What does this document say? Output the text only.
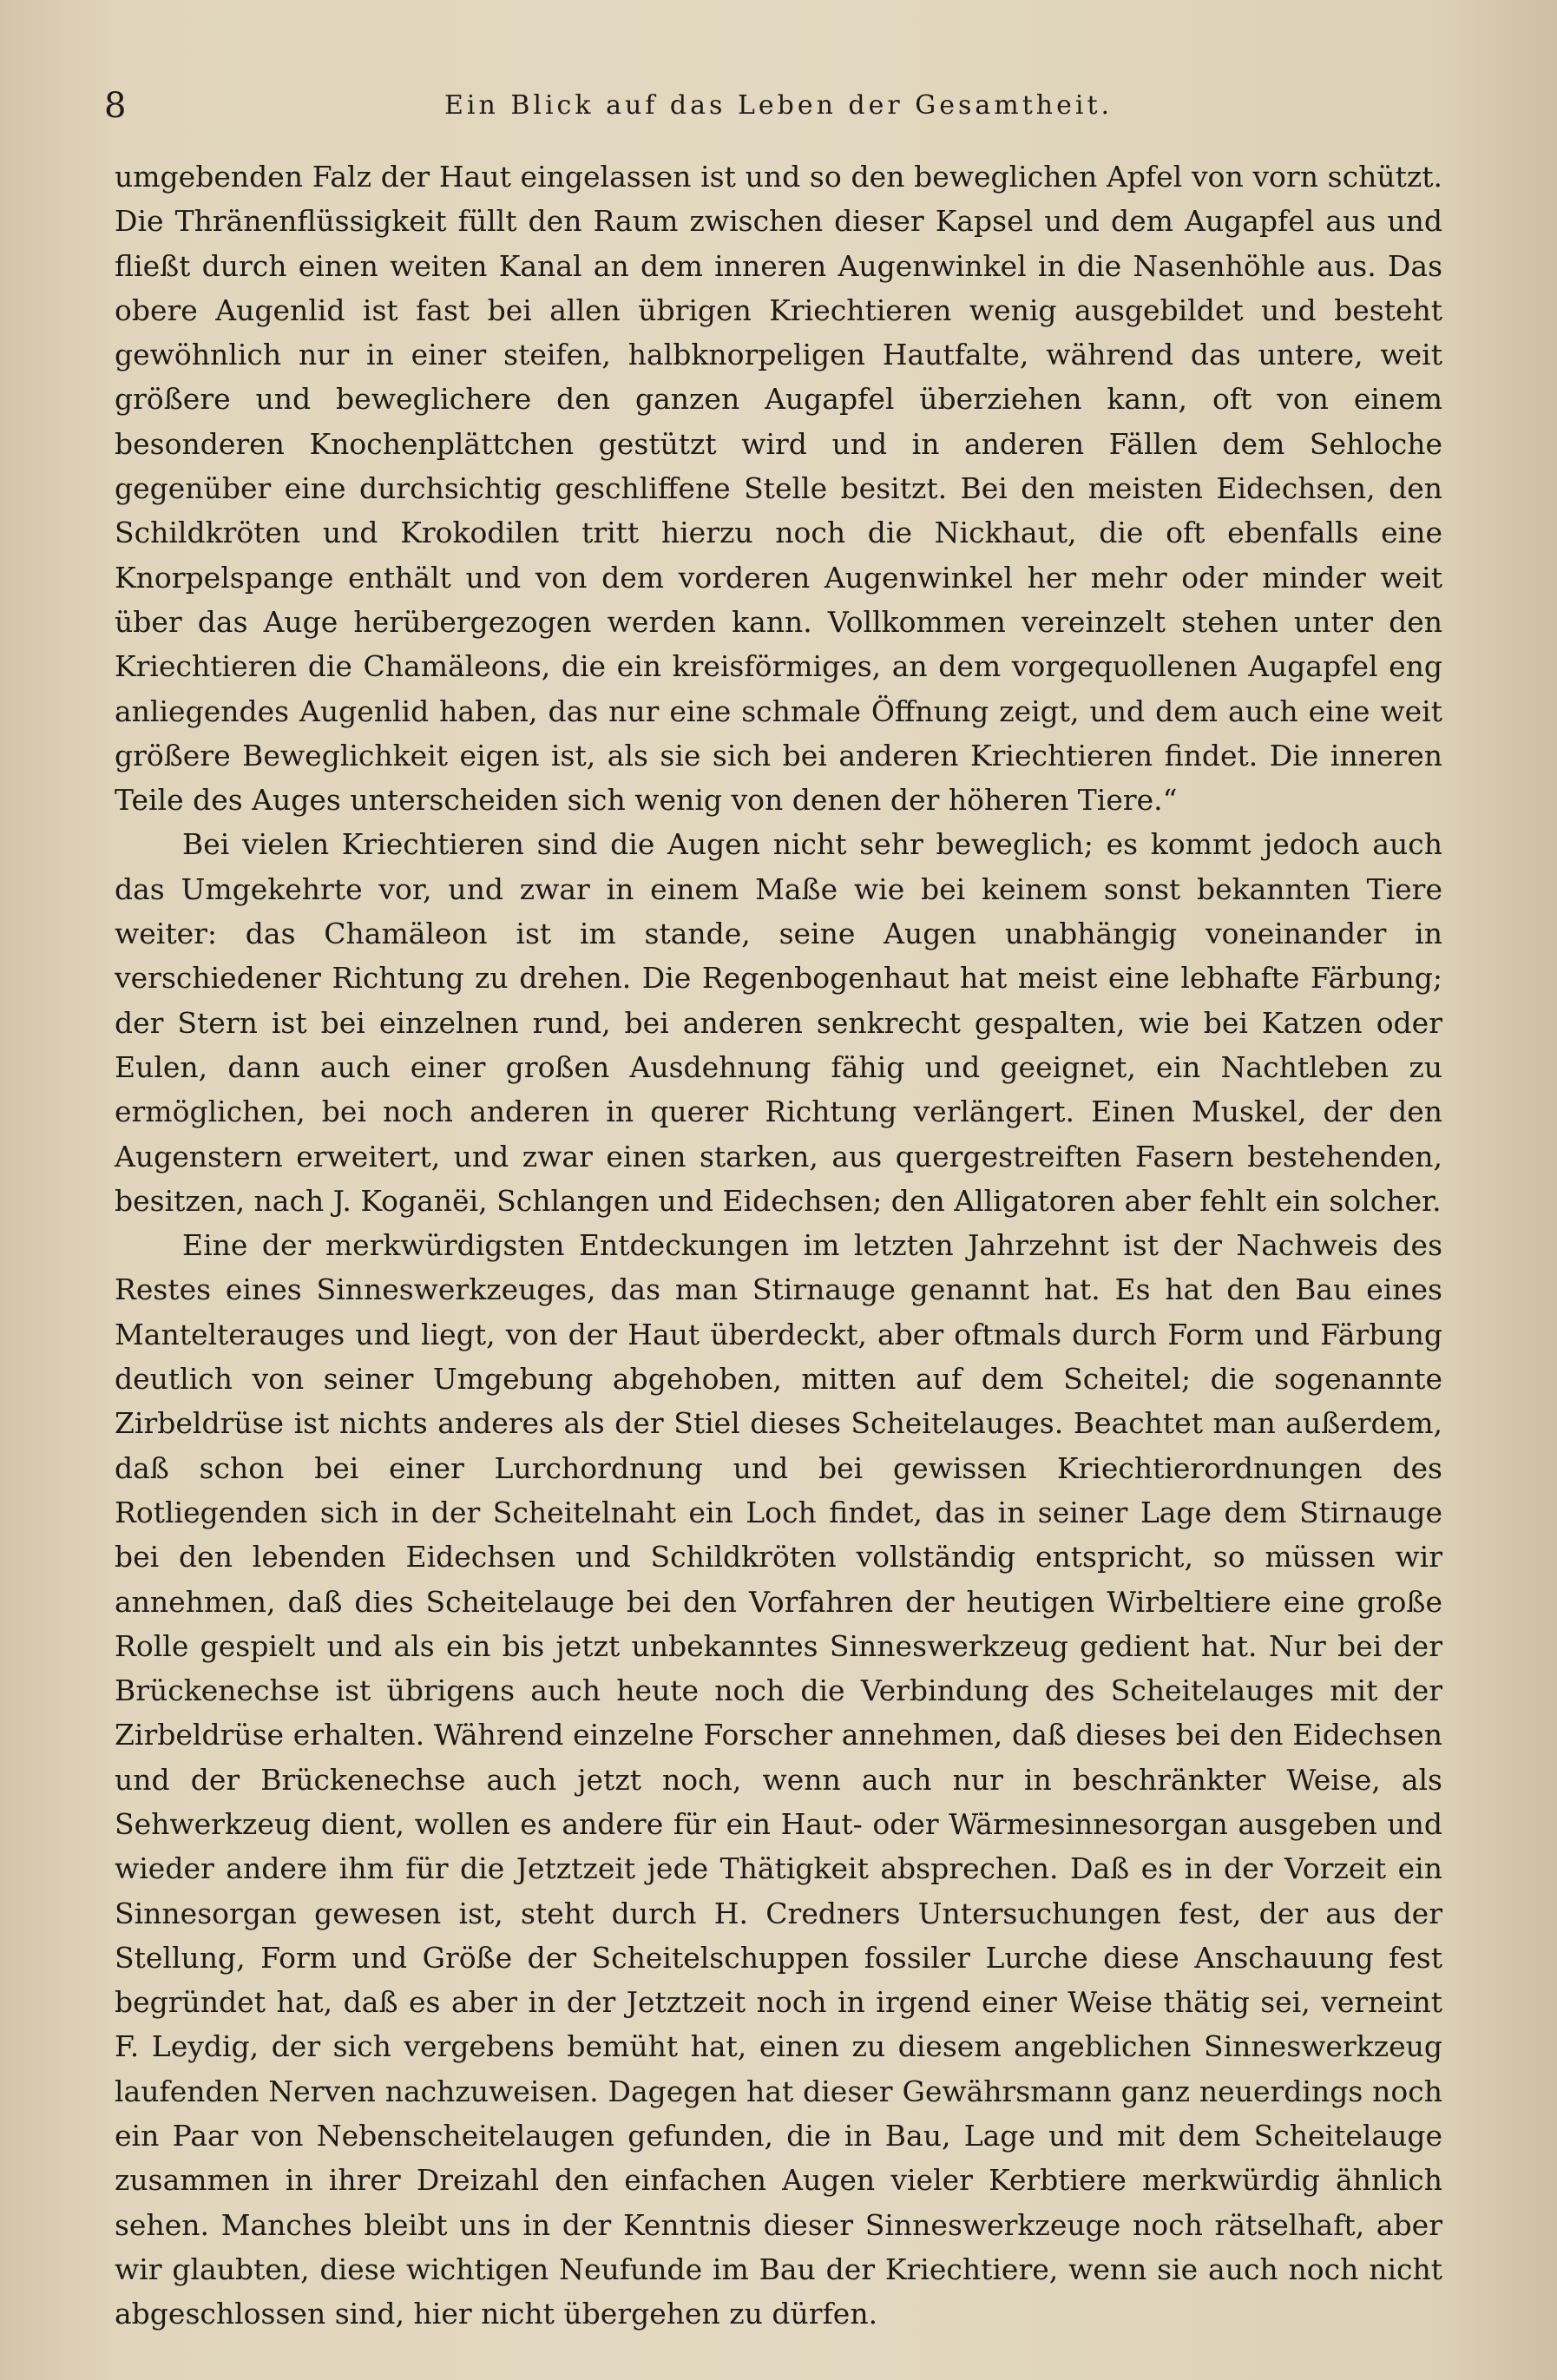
8	Ein Blick auf das Leben der Gesamtheit.

umgebenden Falz der Haut eingelassen ist und so den beweglichen Apfel von vorn schützt. Die Thränenflüssigkeit füllt den Raum zwischen dieser Kapsel und dem Augapfel aus und fließt durch einen weiten Kanal an dem inneren Augenwinkel in die Nasenhöhle aus. Das obere Augenlid ist fast bei allen übrigen Kriechtieren wenig ausgebildet und besteht gewöhnlich nur in einer steifen, halbknorpeligen Hautfalte, während das untere, weit größere und beweglichere den ganzen Augapfel überziehen kann, oft von einem besonderen Knochenplättchen gestützt wird und in anderen Fällen dem Sehloche gegenüber eine durchsichtig geschliffene Stelle besitzt. Bei den meisten Eidechsen, den Schildkröten und Krokodilen tritt hierzu noch die Nickhaut, die oft ebenfalls eine Knorpelspange enthält und von dem vorderen Augenwinkel her mehr oder minder weit über das Auge herübergezogen werden kann. Vollkommen vereinzelt stehen unter den Kriechtieren die Chamäleons, die ein kreisförmiges, an dem vorgequollenen Augapfel eng anliegendes Augenlid haben, das nur eine schmale Öffnung zeigt, und dem auch eine weit größere Beweglichkeit eigen ist, als sie sich bei anderen Kriechtieren findet. Die inneren Teile des Auges unterscheiden sich wenig von denen der höheren Tiere.“

Bei vielen Kriechtieren sind die Augen nicht sehr beweglich; es kommt jedoch auch das Umgekehrte vor, und zwar in einem Maße wie bei keinem sonst bekannten Tiere weiter: das Chamäleon ist im stande, seine Augen unabhängig voneinander in verschiedener Richtung zu drehen. Die Regenbogenhaut hat meist eine lebhafte Färbung; der Stern ist bei einzelnen rund, bei anderen senkrecht gespalten, wie bei Katzen oder Eulen, dann auch einer großen Ausdehnung fähig und geeignet, ein Nachtleben zu ermöglichen, bei noch anderen in querer Richtung verlängert. Einen Muskel, der den Augenstern erweitert, und zwar einen starken, aus quergestreiften Fasern bestehenden, besitzen, nach J. Koganëi, Schlangen und Eidechsen; den Alligatoren aber fehlt ein solcher.

Eine der merkwürdigsten Entdeckungen im letzten Jahrzehnt ist der Nachweis des Restes eines Sinneswerkzeuges, das man Stirnauge genannt hat. Es hat den Bau eines Mantelterauges und liegt, von der Haut überdeckt, aber oftmals durch Form und Färbung deutlich von seiner Umgebung abgehoben, mitten auf dem Scheitel; die sogenannte Zirbeldrüse ist nichts anderes als der Stiel dieses Scheitelauges. Beachtet man außerdem, daß schon bei einer Lurchordnung und bei gewissen Kriechtierordnungen des Rotliegenden sich in der Scheitelnaht ein Loch findet, das in seiner Lage dem Stirnauge bei den lebenden Eidechsen und Schildkröten vollständig entspricht, so müssen wir annehmen, daß dies Scheitelauge bei den Vorfahren der heutigen Wirbeltiere eine große Rolle gespielt und als ein bis jetzt unbekanntes Sinneswerkzeug gedient hat. Nur bei der Brückenechse ist übrigens auch heute noch die Verbindung des Scheitelauges mit der Zirbeldrüse erhalten. Während einzelne Forscher annehmen, daß dieses bei den Eidechsen und der Brückenechse auch jetzt noch, wenn auch nur in beschränkter Weise, als Sehwerkzeug dient, wollen es andere für ein Haut- oder Wärmesinnesorgan ausgeben und wieder andere ihm für die Jetztzeit jede Thätigkeit absprechen. Daß es in der Vorzeit ein Sinnesorgan gewesen ist, steht durch H. Credners Untersuchungen fest, der aus der Stellung, Form und Größe der Scheitelschuppen fossiler Lurche diese Anschauung fest begründet hat, daß es aber in der Jetztzeit noch in irgend einer Weise thätig sei, verneint F. Leydig, der sich vergebens bemüht hat, einen zu diesem angeblichen Sinneswerkzeug laufenden Nerven nachzuweisen. Dagegen hat dieser Gewährsmann ganz neuerdings noch ein Paar von Nebenscheitelaugen gefunden, die in Bau, Lage und mit dem Scheitelauge zusammen in ihrer Dreizahl den einfachen Augen vieler Kerbtiere merkwürdig ähnlich sehen. Manches bleibt uns in der Kenntnis dieser Sinneswerkzeuge noch rätselhaft, aber wir glaubten, diese wichtigen Neufunde im Bau der Kriechtiere, wenn sie auch noch nicht abgeschlossen sind, hier nicht übergehen zu dürfen.
